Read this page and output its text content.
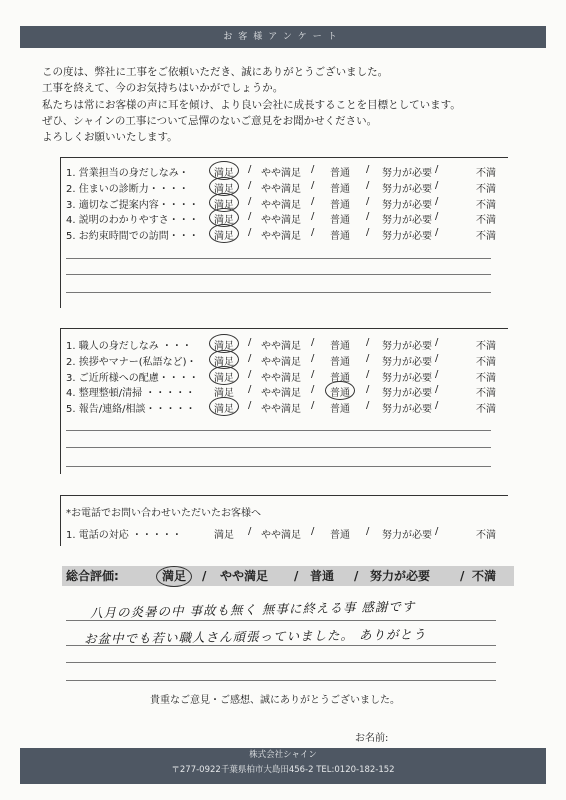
お客様アンケート
この度は、弊社に工事をご依頼いただき、誠にありがとうございました。
工事を終えて、今のお気持ちはいかがでしょうか。
私たちは常にお客様の声に耳を傾け、より良い会社に成長することを目標としています。
ぜひ、シャインの工事について忌憚のないご意見をお聞かせください。
よろしくお願いいたします。
1. 営業担当の身だしなみ・	満足 / やや満足 / 普通 / 努力が必要 /	不満
2. 住まいの診断力・・・・	満足 / やや満足 / 普通 / 努力が必要 /	不満
3. 適切なご提案内容・・・・ 満足 / やや満足 / 普通 / 努力が必要 /	不満
4. 説明のわかりやすさ・・・ 満足 / やや満足 / 普通 / 努力が必要 /	不満
5. お約束時間での訪問・・・ 満足 / やや満足 / 普通 / 努力が必要 /	不満
1. 職人の身だしなみ ・・・ 満足 / やや満足 / 普通 / 努力が必要 /	不満
2. 挨拶やマナー(私語など)・ 満足 / やや満足 / 普通 / 努力が必要 /	不満
3. ご近所様への配慮・・・・ 満足 / やや満足 / 普通 / 努力が必要 /	不満
4. 整理整頓/清掃 ・・・・・ 満足 / やや満足 / 普通 / 努力が必要 /	不満
5. 報告/連絡/相談・・・・・ 満足 / やや満足 / 普通 / 努力が必要 /	不満
*お電話でお問い合わせいただいたお客様へ
1. 電話の対応 ・・・・・	満足 / やや満足 / 普通 / 努力が必要 /	不満
総合評価:	満足 / やや満足 / 普通 / 努力が必要 / 不満
八月の炎暑の中 事故も無く 無事に終える事 感謝です
お盆中でも若い職人さん頑張っていました。 ありがとう
貴重なご意見・ご感想、誠にありがとうございました。
お名前:
株式会社シャイン
〒277-0922千葉県柏市大島田456-2 TEL:0120-182-152
